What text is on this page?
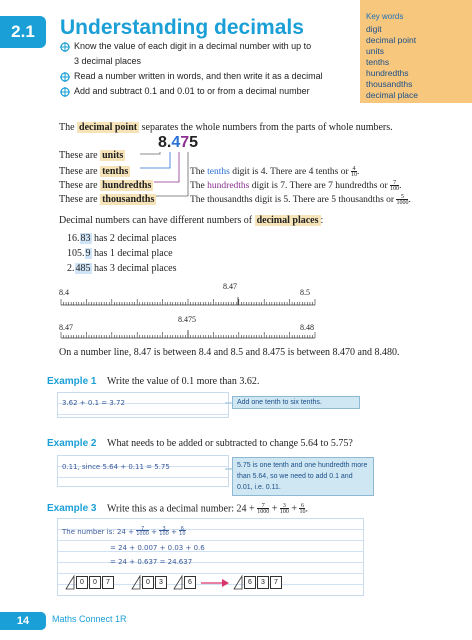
2.1	Understanding decimals
Know the value of each digit in a decimal number with up to
3 decimal places
Read a number written in words, and then write it as a decimal
Add and subtract 0.1 and 0.01 to or from a decimal number
Key words
digit
decimal point
units
tenths
hundredths
thousandths
decimal place
The decimal point separates the whole numbers from the parts of whole numbers.
8.475
These are units
These are tenths
These are hundredths
These are thousandths
The tenths digit is 4. There are 4 tenths or $\frac{4}{10}$.
The hundredths digit is 7. There are 7 hundredths or $\frac{7}{100}$.
The thousandths digit is 5. There are 5 thousandths or $\frac{5}{1000}$.
Decimal numbers can have different numbers of decimal places :
16.83 has 2 decimal places
105.9 has 1 decimal place
2.485 has 3 decimal places
8.47
8.4	8.5
8.475
8.47	8.48
On a number line, 8.47 is between 8.4 and 8.5 and 8.475 is between 8.470 and 8.480.
Example 1 Write the value of 0.1 more than 3.62.
3.62 + 0.1 = 3.72	Add one tenth to six tenths.
Example 2 What needs to be added or subtracted to change 5.64 to 5.75?
0.11, since 5.64 + 0.11 = 5.75	5.75 is one tenth and one hundredth more than 5.64, so we need to add 0.1 and 0.01, i.e. 0.11.
Example 3 Write this as a decimal number: $24 + \frac{7}{1000} + \frac{3}{100} + \frac{6}{10}$.
The number is: 24 + 7
1000 + 3
100 + 6
10
= 24 + 0.007 + 0.03 + 0.6
= 24 + 0.637 = 24.637
0	0	7	0	3	6	6	3	7
14	Maths Connect 1R
